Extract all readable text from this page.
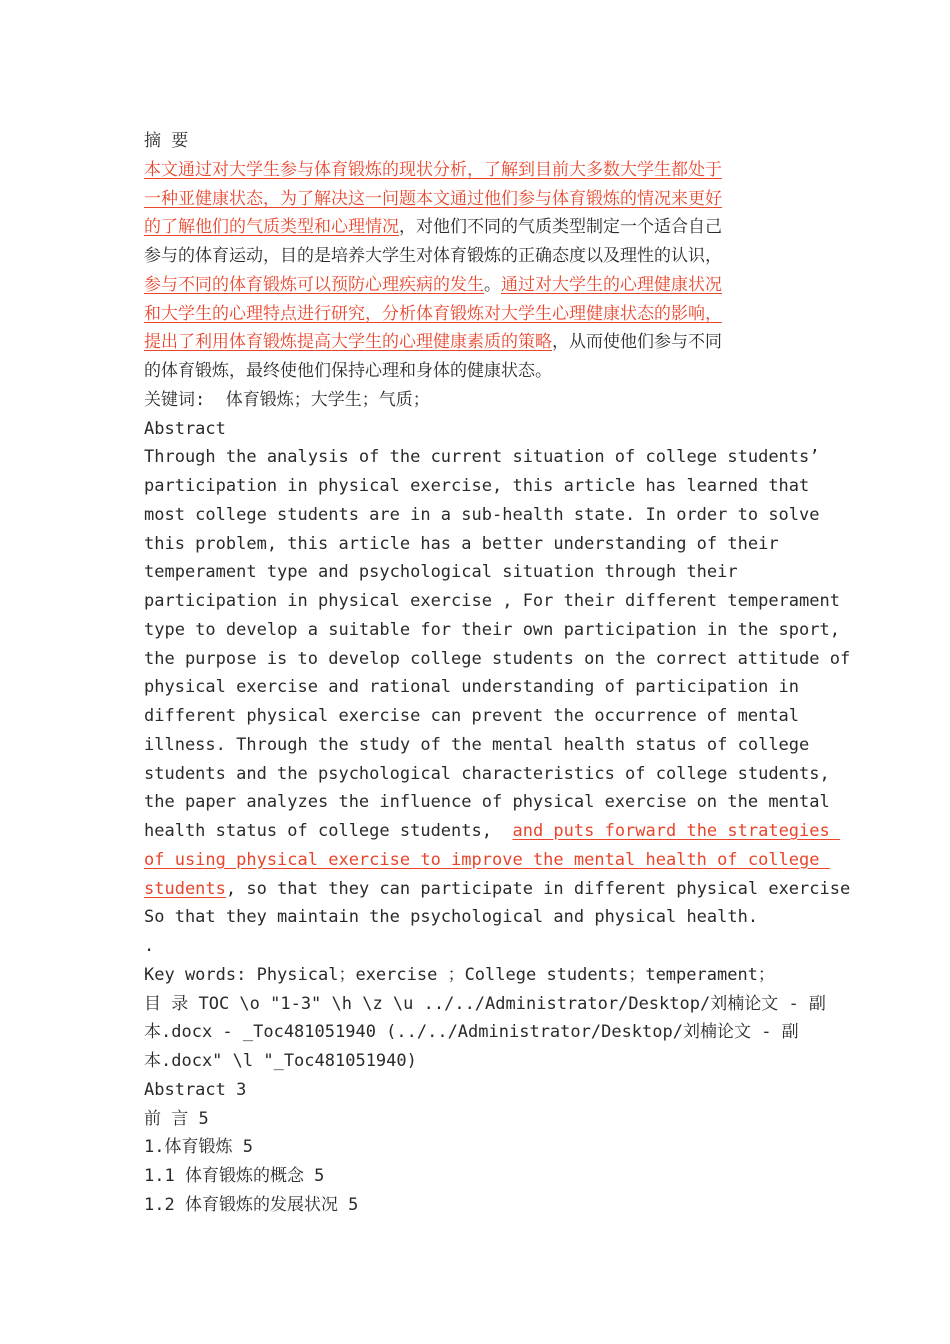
摘 要
本文通过对大学生参与体育锻炼的现状分析，了解到目前大多数大学生都处于
一种亚健康状态，为了解决这一问题本文通过他们参与体育锻炼的情况来更好
的了解他们的气质类型和心理情况，对他们不同的气质类型制定一个适合自己
参与的体育运动，目的是培养大学生对体育锻炼的正确态度以及理性的认识，
参与不同的体育锻炼可以预防心理疾病的发生。通过对大学生的心理健康状况
和大学生的心理特点进行研究，分析体育锻炼对大学生心理健康状态的影响，
提出了利用体育锻炼提高大学生的心理健康素质的策略，从而使他们参与不同
的体育锻炼，最终使他们保持心理和身体的健康状态。
关键词:  体育锻炼；大学生；气质；
Abstract
Through the analysis of the current situation of college students’
participation in physical exercise, this article has learned that
most college students are in a sub-health state. In order to solve
this problem, this article has a better understanding of their
temperament type and psychological situation through their
participation in physical exercise , For their different temperament
type to develop a suitable for their own participation in the sport,
the purpose is to develop college students on the correct attitude of
physical exercise and rational understanding of participation in
different physical exercise can prevent the occurrence of mental
illness. Through the study of the mental health status of college
students and the psychological characteristics of college students,
the paper analyzes the influence of physical exercise on the mental
health status of college students,  and puts forward the strategies
of using physical exercise to improve the mental health of college
students, so that they can participate in different physical exercise
So that they maintain the psychological and physical health.
.
Key words: Physical；exercise ；College students；temperament；
目 录 TOC \o "1-3" \h \z \u ../../Administrator/Desktop/刘楠论文 - 副
本.docx - _Toc481051940 (../../Administrator/Desktop/刘楠论文 - 副
本.docx" \l "_Toc481051940)
Abstract 3
前 言 5
1.体育锻炼 5
1.1 体育锻炼的概念 5
1.2 体育锻炼的发展状况 5
